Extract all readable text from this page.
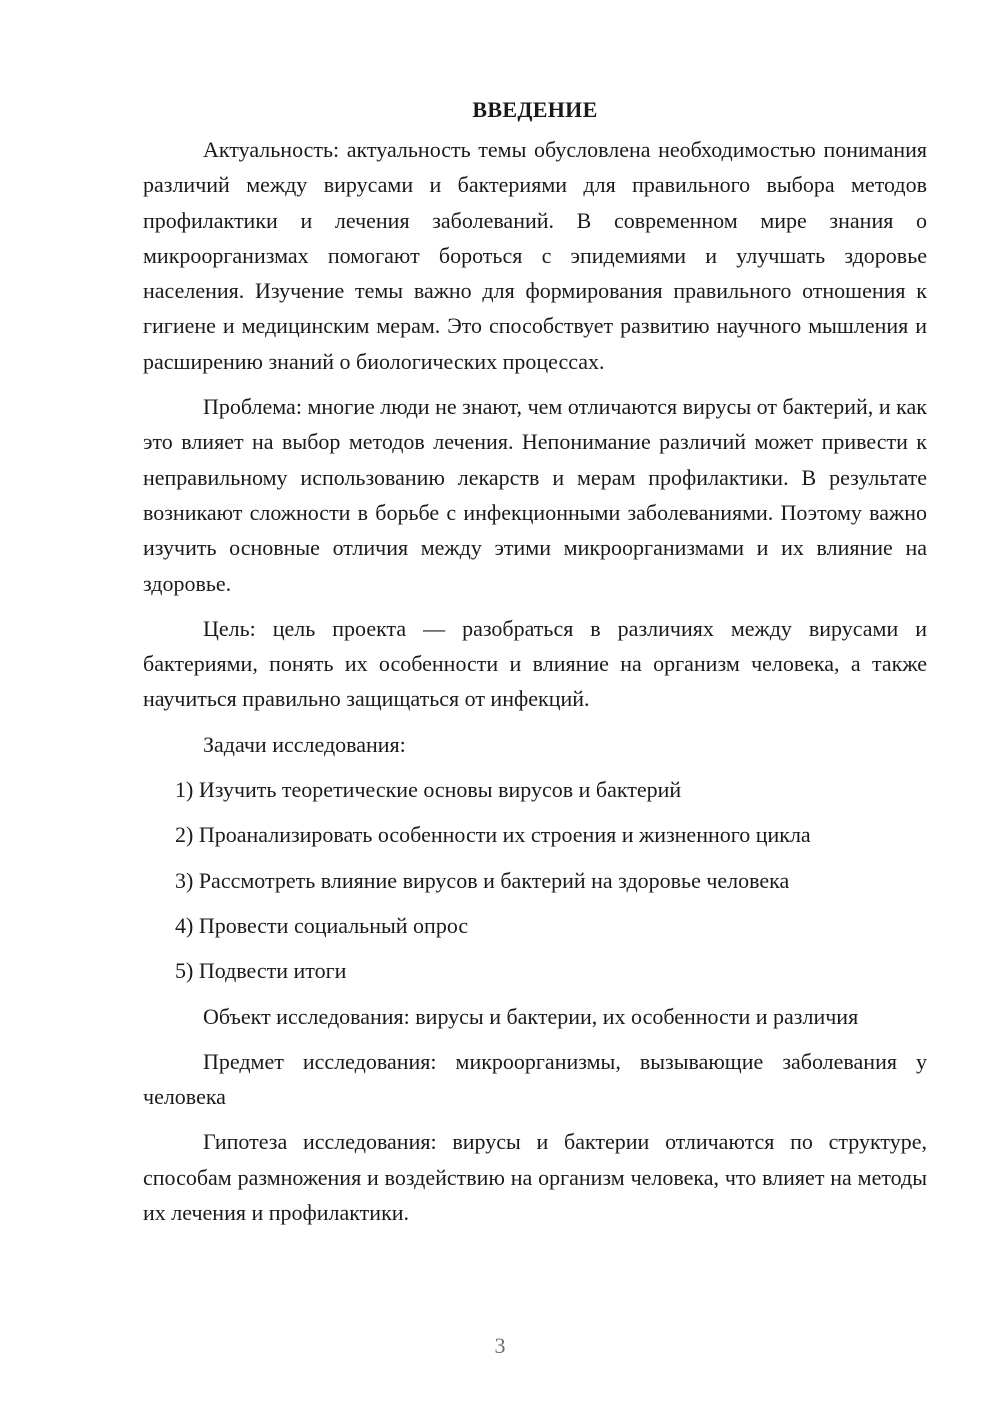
ВВЕДЕНИЕ

Актуальность: актуальность темы обусловлена необходимостью понимания различий между вирусами и бактериями для правильного выбора методов профилактики и лечения заболеваний. В современном мире знания о микроорганизмах помогают бороться с эпидемиями и улучшать здоровье населения. Изучение темы важно для формирования правильного отношения к гигиене и медицинским мерам. Это способствует развитию научного мышления и расширению знаний о биологических процессах.

Проблема: многие люди не знают, чем отличаются вирусы от бактерий, и как это влияет на выбор методов лечения. Непонимание различий может привести к неправильному использованию лекарств и мерам профилактики. В результате возникают сложности в борьбе с инфекционными заболеваниями. Поэтому важно изучить основные отличия между этими микроорганизмами и их влияние на здоровье.

Цель: цель проекта — разобраться в различиях между вирусами и бактериями, понять их особенности и влияние на организм человека, а также научиться правильно защищаться от инфекций.

Задачи исследования:

1) Изучить теоретические основы вирусов и бактерий
2) Проанализировать особенности их строения и жизненного цикла
3) Рассмотреть влияние вирусов и бактерий на здоровье человека
4) Провести социальный опрос
5) Подвести итоги

Объект исследования: вирусы и бактерии, их особенности и различия

Предмет исследования: микроорганизмы, вызывающие заболевания у человека

Гипотеза исследования: вирусы и бактерии отличаются по структуре, способам размножения и воздействию на организм человека, что влияет на методы их лечения и профилактики.

3
